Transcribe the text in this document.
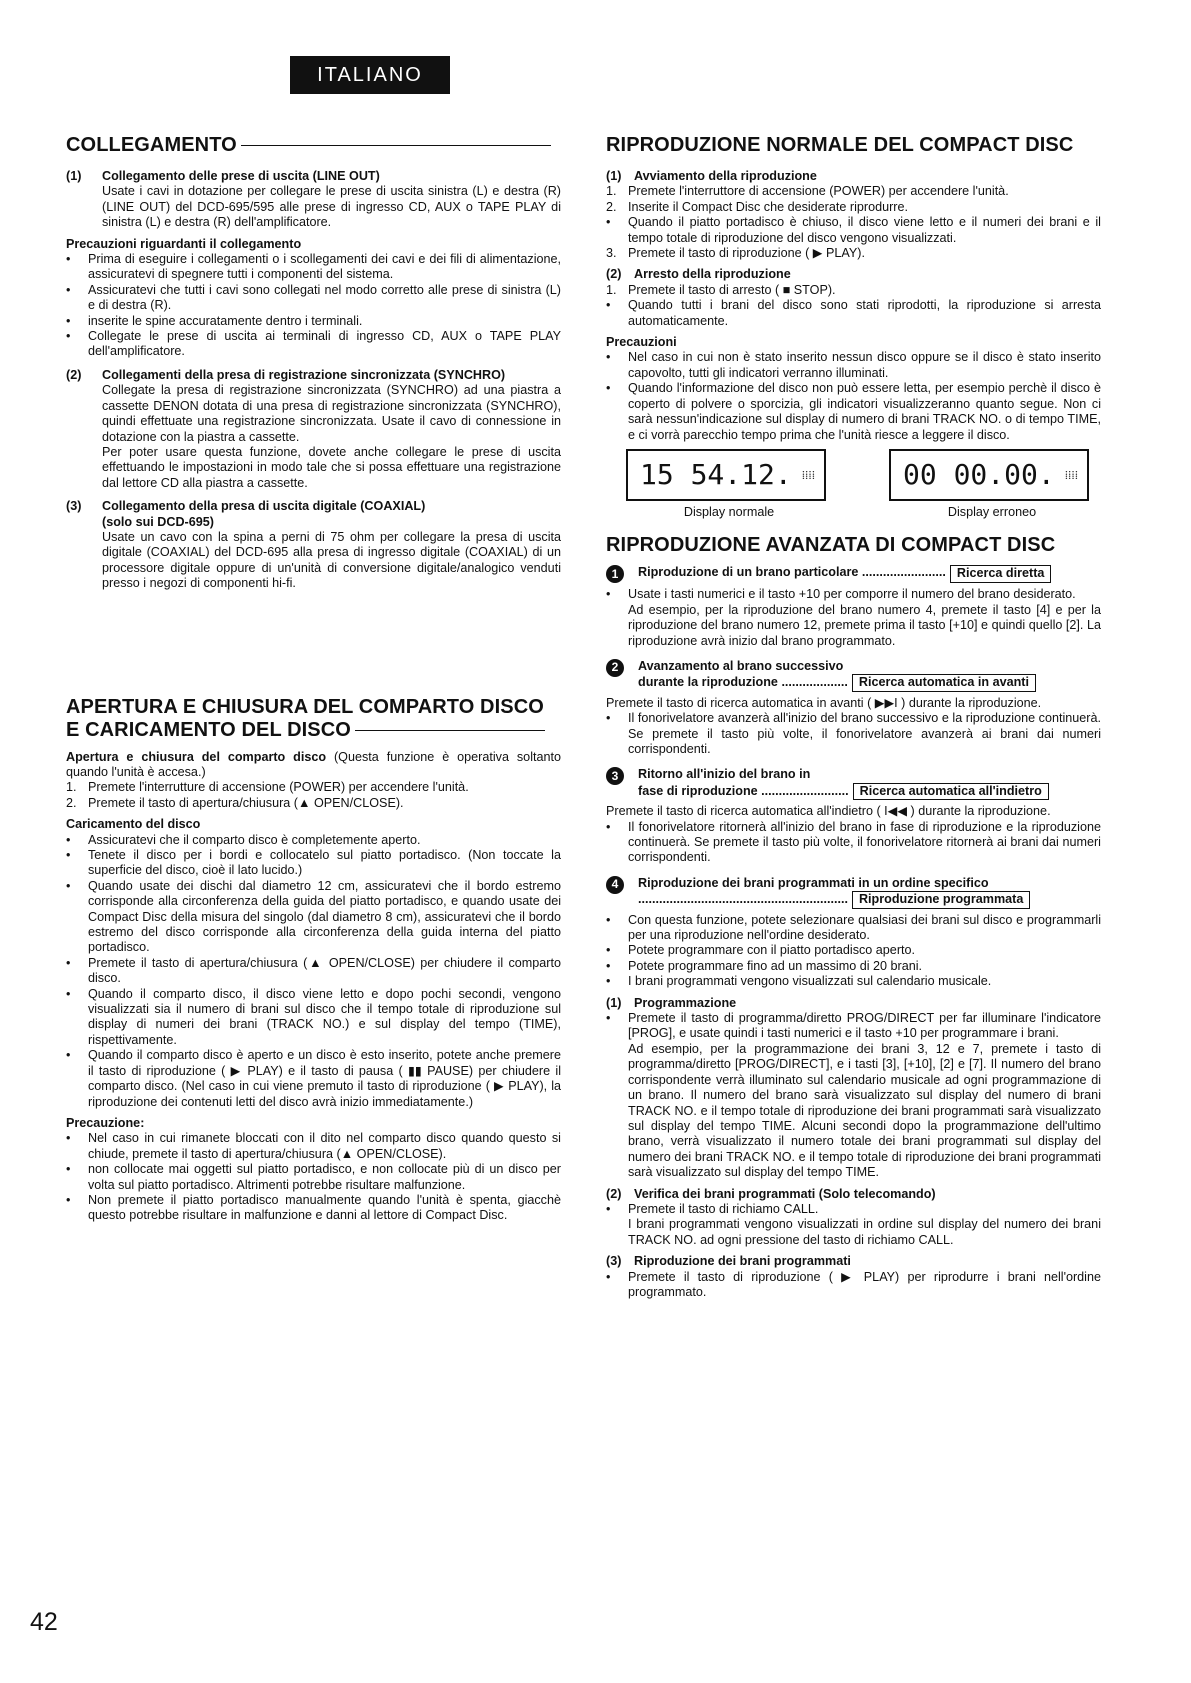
ITALIANO
COLLEGAMENTO
(1)	Collegamento delle prese di uscita (LINE OUT)
Usate i cavi in dotazione per collegare le prese di uscita sinistra (L) e destra (R) (LINE OUT) del DCD-695/595 alle prese di ingresso CD, AUX o TAPE PLAY di sinistra (L) e destra (R) dell'amplificatore.
Precauzioni riguardanti il collegamento
•	Prima di eseguire i collegamenti o i scollegamenti dei cavi e dei fili di alimentazione, assicuratevi di spegnere tutti i componenti del sistema.
•	Assicuratevi che tutti i cavi sono collegati nel modo corretto alle prese di sinistra (L) e di destra (R).
•	inserite le spine accuratamente dentro i terminali.
•	Collegate le prese di uscita ai terminali di ingresso CD, AUX o TAPE PLAY dell'amplificatore.
(2)	Collegamenti della presa di registrazione sincronizzata (SYNCHRO)
Collegate la presa di registrazione sincronizzata (SYNCHRO) ad una piastra a cassette DENON dotata di una presa di registrazione sincronizzata (SYNCHRO), quindi effettuate una registrazione sincronizzata. Usate il cavo di connessione in dotazione con la piastra a cassette.
Per poter usare questa funzione, dovete anche collegare le prese di uscita effettuando le impostazioni in modo tale che si possa effettuare una registrazione dal lettore CD alla piastra a cassette.
(3)	Collegamento della presa di uscita digitale (COAXIAL)
(solo sui DCD-695)
Usate un cavo con la spina a perni di 75 ohm per collegare la presa di uscita digitale (COAXIAL) del DCD-695 alla presa di ingresso digitale (COAXIAL) di un processore digitale oppure di un'unità di conversione digitale/analogico venduti presso i negozi di componenti hi-fi.
APERTURA E CHIUSURA DEL COMPARTO DISCO
E CARICAMENTO DEL DISCO
Apertura e chiusura del comparto disco (Questa funzione è operativa soltanto quando l'unità è accesa.)
1. Premete l'interrutture di accensione (POWER) per accendere l'unità.
2. Premete il tasto di apertura/chiusura (▲ OPEN/CLOSE).
Caricamento del disco
•	Assicuratevi che il comparto disco è completemente aperto.
•	Tenete il disco per i bordi e collocatelo sul piatto portadisco. (Non toccate la superficie del disco, cioè il lato lucido.)
•	Quando usate dei dischi dal diametro 12 cm, assicuratevi che il bordo estremo corrisponde alla circonferenza della guida del piatto portadisco, e quando usate dei Compact Disc della misura del singolo (dal diametro 8 cm), assicuratevi che il bordo estremo del disco corrisponde alla circonferenza della guida interna del piatto portadisco.
•	Premete il tasto di apertura/chiusura (▲ OPEN/CLOSE) per chiudere il comparto disco.
•	Quando il comparto disco, il disco viene letto e dopo pochi secondi, vengono visualizzati sia il numero di brani sul disco che il tempo totale di riproduzione sul display di numeri dei brani (TRACK NO.) e sul display del tempo (TIME), rispettivamente.
•	Quando il comparto disco è aperto e un disco è esto inserito, potete anche premere il tasto di riproduzione ( ▶ PLAY) e il tasto di pausa ( ▮▮ PAUSE) per chiudere il comparto disco. (Nel caso in cui viene premuto il tasto di riproduzione ( ▶ PLAY), la riproduzione dei contenuti letti del disco avrà inizio immediatamente.)
Precauzione:
•	Nel caso in cui rimanete bloccati con il dito nel comparto disco quando questo si chiude, premete il tasto di apertura/chiusura (▲ OPEN/CLOSE).
•	non collocate mai oggetti sul piatto portadisco, e non collocate più di un disco per volta sul piatto portadisco. Altrimenti potrebbe risultare malfunzione.
•	Non premete il piatto portadisco manualmente quando l'unità è spenta, giacchè questo potrebbe risultare in malfunzione e danni al lettore di Compact Disc.
RIPRODUZIONE NORMALE DEL COMPACT DISC
(1) Avviamento della riproduzione
1. Premete l'interruttore di accensione (POWER) per accendere l'unità.
2. Inserite il Compact Disc che desiderate riprodurre.
•	Quando il piatto portadisco è chiuso, il disco viene letto e il numeri dei brani e il tempo totale di riproduzione del disco vengono visualizzati.
3. Premete il tasto di riproduzione ( ▶ PLAY).
(2) Arresto della riproduzione
1. Premete il tasto di arresto ( ■ STOP).
•	Quando tutti i brani del disco sono stati riprodotti, la riproduzione si arresta automaticamente.
Precauzioni
•	Nel caso in cui non è stato inserito nessun disco oppure se il disco è stato inserito capovolto, tutti gli indicatori verranno illuminati.
•	Quando l'informazione del disco non può essere letta, per esempio perchè il disco è coperto di polvere o sporcizia, gli indicatori visualizzeranno quanto segue. Non ci sarà nessun'indicazione sul display di numero di brani TRACK NO. o di tempo TIME, e ci vorrà parecchio tempo prima che l'unità riesce a leggere il disco.
15 54.12. ⁞⁞⁞⁞
Display normale
00 00.00. ⁞⁞⁞⁞
Display erroneo
RIPRODUZIONE AVANZATA DI COMPACT DISC
1	Riproduzione di un brano particolare ........................ Ricerca diretta
•	Usate i tasti numerici e il tasto +10 per comporre il numero del brano desiderato.
Ad esempio, per la riproduzione del brano numero 4, premete il tasto [4] e per la riproduzione del brano numero 12, premete prima il tasto [+10] e quindi quello [2]. La riproduzione avrà inizio dal brano programmato.
2	Avanzamento al brano successivo
durante la riproduzione ................... Ricerca automatica in avanti
Premete il tasto di ricerca automatica in avanti ( ▶▶I ) durante la riproduzione.
•	Il fonorivelatore avanzerà all'inizio del brano successivo e la riproduzione continuerà. Se premete il tasto più volte, il fonorivelatore avanzerà ai brani dai numeri corrispondenti.
3	Ritorno all'inizio del brano in
fase di riproduzione ......................... Ricerca automatica all'indietro
Premete il tasto di ricerca automatica all'indietro ( I◀◀ ) durante la riproduzione.
•	Il fonorivelatore ritornerà all'inizio del brano in fase di riproduzione e la riproduzione continuerà. Se premete il tasto più volte, il fonorivelatore ritornerà ai brani dai numeri corrispondenti.
4	Riproduzione dei brani programmati in un ordine specifico
............................................................ Riproduzione programmata
•	Con questa funzione, potete selezionare qualsiasi dei brani sul disco e programmarli per una riproduzione nell'ordine desiderato.
•	Potete programmare con il piatto portadisco aperto.
•	Potete programmare fino ad un massimo di 20 brani.
•	I brani programmati vengono visualizzati sul calendario musicale.
(1) Programmazione
•	Premete il tasto di programma/diretto PROG/DIRECT per far illuminare l'indicatore [PROG], e usate quindi i tasti numerici e il tasto +10 per programmare i brani.
Ad esempio, per la programmazione dei brani 3, 12 e 7, premete i tasto di programma/diretto [PROG/DIRECT], e i tasti [3], [+10], [2] e [7]. Il numero del brano corrispondente verrà illuminato sul calendario musicale ad ogni programmazione di un brano. Il numero del brano sarà visualizzato sul display del numero di brani TRACK NO. e il tempo totale di riproduzione dei brani programmati sarà visualizzato sul display del tempo TIME. Alcuni secondi dopo la programmazione dell'ultimo brano, verrà visualizzato il numero totale dei brani programmati sul display del numero dei brani TRACK NO. e il tempo totale di riproduzione dei brani programmati sarà visualizzato sul display del tempo TIME.
(2) Verifica dei brani programmati (Solo telecomando)
•	Premete il tasto di richiamo CALL.
I brani programmati vengono visualizzati in ordine sul display del numero dei brani TRACK NO. ad ogni pressione del tasto di richiamo CALL.
(3) Riproduzione dei brani programmati
•	Premete il tasto di riproduzione ( ▶ PLAY) per riprodurre i brani nell'ordine programmato.
42
